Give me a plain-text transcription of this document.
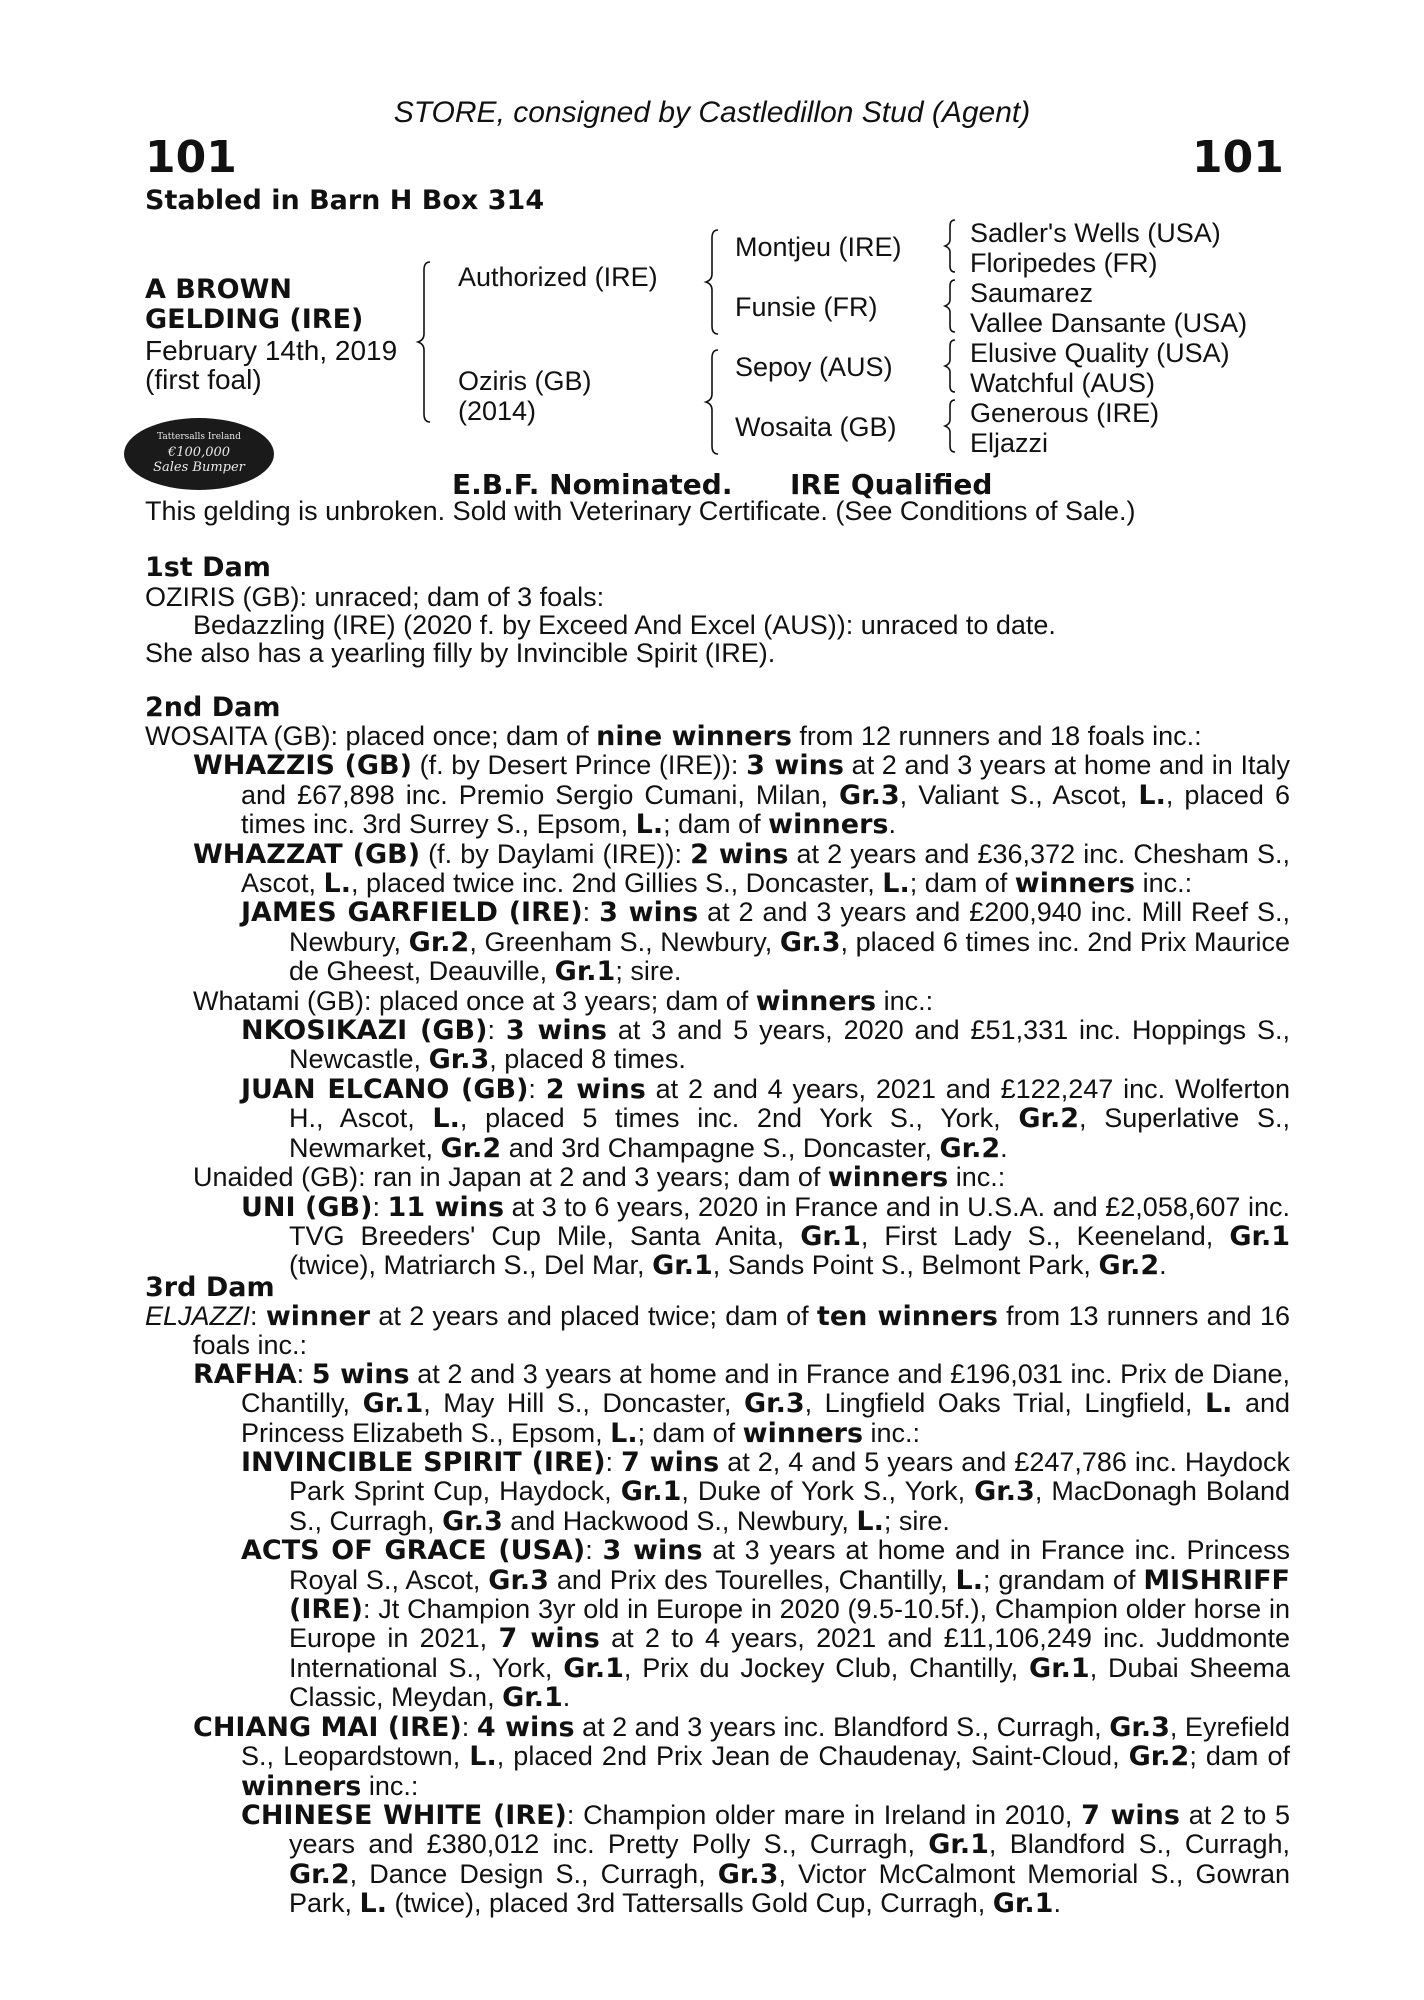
STORE, consigned by Castledillon Stud (Agent)
101	101
Stabled in Barn H Box 314
A BROWN
GELDING (IRE)
February 14th, 2019
(first foal)
Authorized (IRE)
Oziris (GB)
(2014)
Montjeu (IRE)
Funsie (FR)
Sepoy (AUS)
Wosaita (GB)
Sadler's Wells (USA)
Floripedes (FR)
Saumarez
Vallee Dansante (USA)
Elusive Quality (USA)
Watchful (AUS)
Generous (IRE)
Eljazzi
Tattersalls Ireland
€100,000
Sales Bumper
E.B.F. Nominated. IRE Qualified
This gelding is unbroken. Sold with Veterinary Certificate. (See Conditions of Sale.)
1st Dam
OZIRIS (GB): unraced; dam of 3 foals:
Bedazzling (IRE) (2020 f. by Exceed And Excel (AUS)): unraced to date.
She also has a yearling filly by Invincible Spirit (IRE).
2nd Dam
WOSAITA (GB): placed once; dam of nine winners from 12 runners and 18 foals inc.:
WHAZZIS (GB) (f. by Desert Prince (IRE)): 3 wins at 2 and 3 years at home and in Italy and £67,898 inc. Premio Sergio Cumani, Milan, Gr.3, Valiant S., Ascot, L., placed 6 times inc. 3rd Surrey S., Epsom, L.; dam of winners.
WHAZZAT (GB) (f. by Daylami (IRE)): 2 wins at 2 years and £36,372 inc. Chesham S., Ascot, L., placed twice inc. 2nd Gillies S., Doncaster, L.; dam of winners inc.:
JAMES GARFIELD (IRE): 3 wins at 2 and 3 years and £200,940 inc. Mill Reef S., Newbury, Gr.2, Greenham S., Newbury, Gr.3, placed 6 times inc. 2nd Prix Maurice de Gheest, Deauville, Gr.1; sire.
Whatami (GB): placed once at 3 years; dam of winners inc.:
NKOSIKAZI (GB): 3 wins at 3 and 5 years, 2020 and £51,331 inc. Hoppings S., Newcastle, Gr.3, placed 8 times.
JUAN ELCANO (GB): 2 wins at 2 and 4 years, 2021 and £122,247 inc. Wolferton H., Ascot, L., placed 5 times inc. 2nd York S., York, Gr.2, Superlative S., Newmarket, Gr.2 and 3rd Champagne S., Doncaster, Gr.2.
Unaided (GB): ran in Japan at 2 and 3 years; dam of winners inc.:
UNI (GB): 11 wins at 3 to 6 years, 2020 in France and in U.S.A. and £2,058,607 inc. TVG Breeders' Cup Mile, Santa Anita, Gr.1, First Lady S., Keeneland, Gr.1 (twice), Matriarch S., Del Mar, Gr.1, Sands Point S., Belmont Park, Gr.2.
3rd Dam
ELJAZZI: winner at 2 years and placed twice; dam of ten winners from 13 runners and 16 foals inc.:
RAFHA: 5 wins at 2 and 3 years at home and in France and £196,031 inc. Prix de Diane, Chantilly, Gr.1, May Hill S., Doncaster, Gr.3, Lingfield Oaks Trial, Lingfield, L. and Princess Elizabeth S., Epsom, L.; dam of winners inc.:
INVINCIBLE SPIRIT (IRE): 7 wins at 2, 4 and 5 years and £247,786 inc. Haydock Park Sprint Cup, Haydock, Gr.1, Duke of York S., York, Gr.3, MacDonagh Boland S., Curragh, Gr.3 and Hackwood S., Newbury, L.; sire.
ACTS OF GRACE (USA): 3 wins at 3 years at home and in France inc. Princess Royal S., Ascot, Gr.3 and Prix des Tourelles, Chantilly, L.; grandam of MISHRIFF (IRE): Jt Champion 3yr old in Europe in 2020 (9.5-10.5f.), Champion older horse in Europe in 2021, 7 wins at 2 to 4 years, 2021 and £11,106,249 inc. Juddmonte International S., York, Gr.1, Prix du Jockey Club, Chantilly, Gr.1, Dubai Sheema Classic, Meydan, Gr.1.
CHIANG MAI (IRE): 4 wins at 2 and 3 years inc. Blandford S., Curragh, Gr.3, Eyrefield S., Leopardstown, L., placed 2nd Prix Jean de Chaudenay, Saint-Cloud, Gr.2; dam of winners inc.:
CHINESE WHITE (IRE): Champion older mare in Ireland in 2010, 7 wins at 2 to 5 years and £380,012 inc. Pretty Polly S., Curragh, Gr.1, Blandford S., Curragh, Gr.2, Dance Design S., Curragh, Gr.3, Victor McCalmont Memorial S., Gowran Park, L. (twice), placed 3rd Tattersalls Gold Cup, Curragh, Gr.1.
